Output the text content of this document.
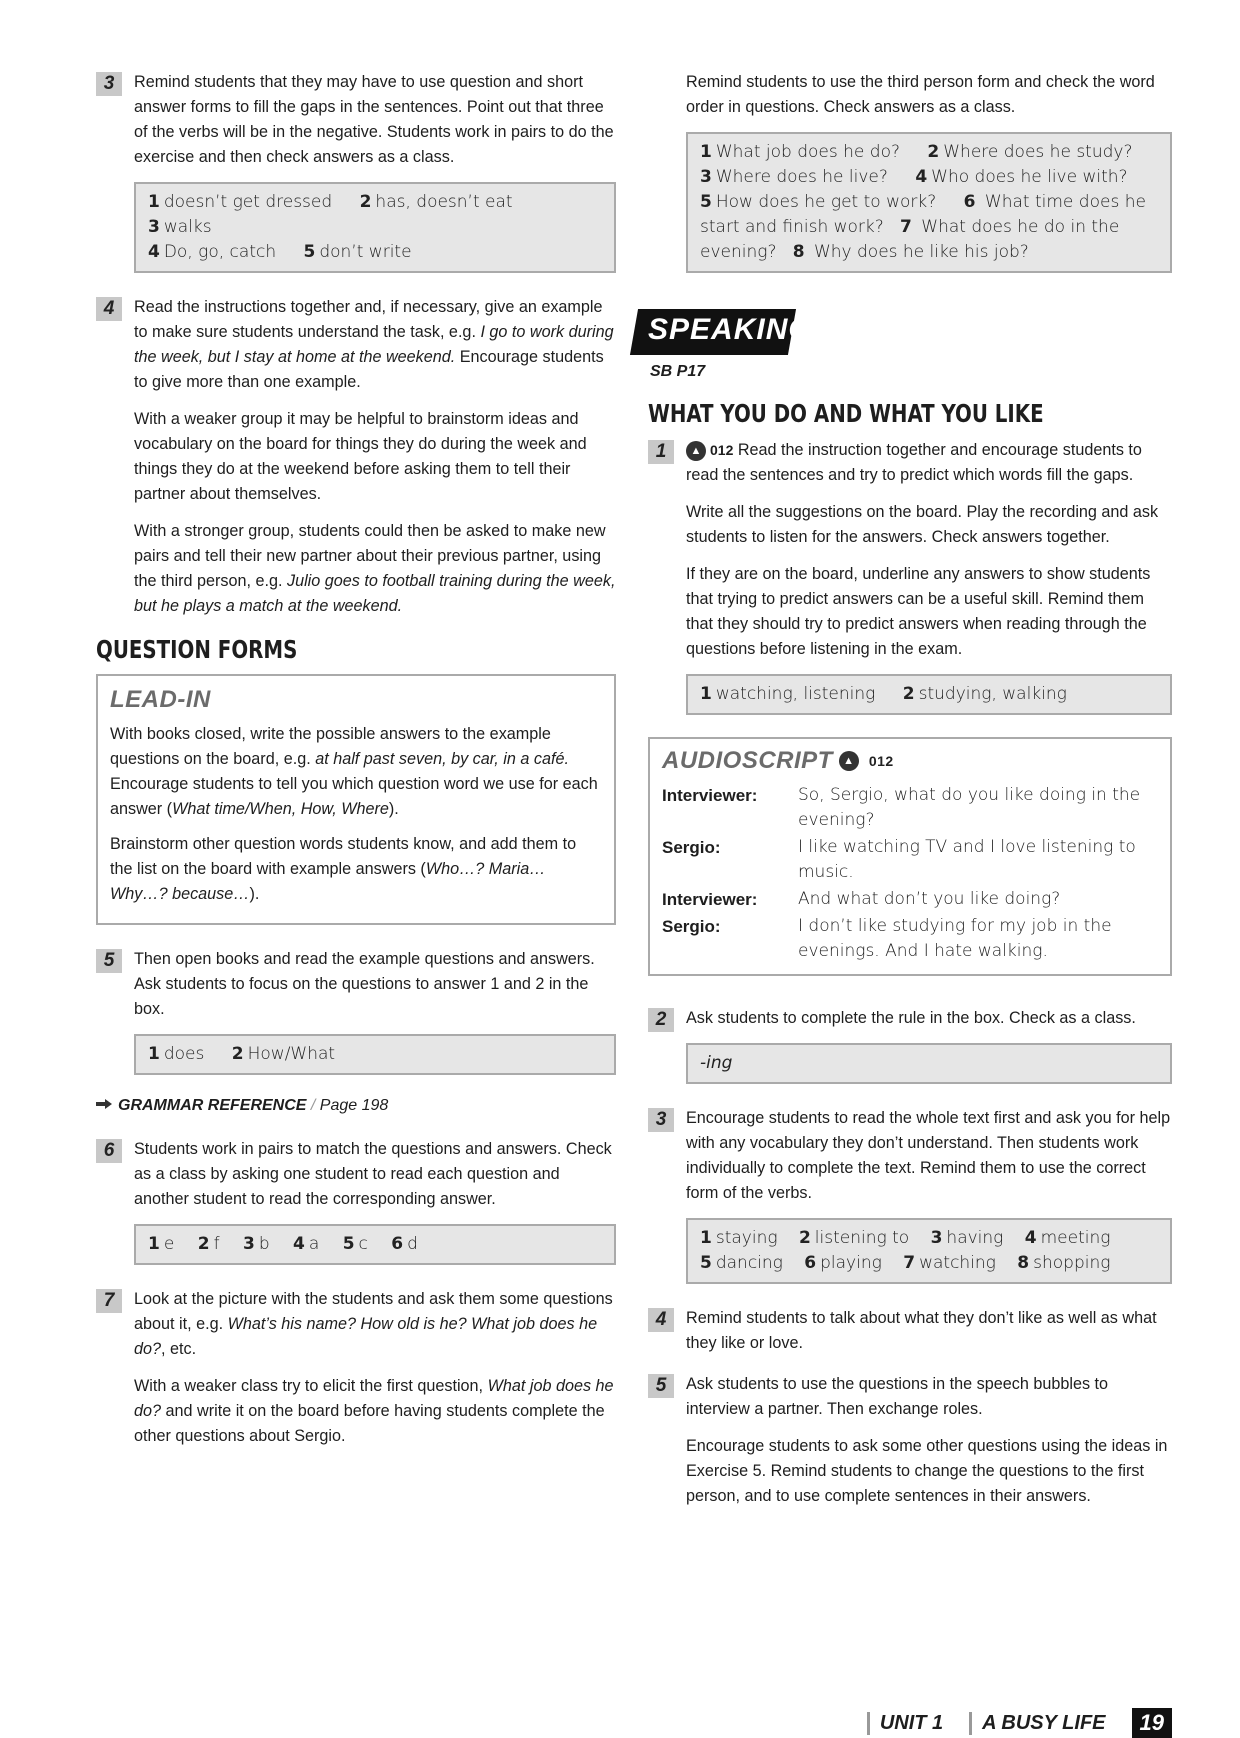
3	Remind students that they may have to use question and short answer forms to fill the gaps in the sentences. Point out that three of the verbs will be in the negative. Students work in pairs to do the exercise and then check answers as a class.

1 doesn’t get dressed 2 has, doesn’t eat 3 walks
4 Do, go, catch 5 don’t write
4	Read the instructions together and, if necessary, give an example to make sure students understand the task, e.g. I go to work during the week, but I stay at home at the weekend. Encourage students to give more than one example.

With a weaker group it may be helpful to brainstorm ideas and vocabulary on the board for things they do during the week and things they do at the weekend before asking them to tell their partner about themselves.

With a stronger group, students could then be asked to make new pairs and tell their new partner about their previous partner, using the third person, e.g. Julio goes to football training during the week, but he plays a match at the weekend.

QUESTION FORMS
LEAD-IN

With books closed, write the possible answers to the example questions on the board, e.g. at half past seven, by car, in a café. Encourage students to tell you which question word we use for each answer (What time/When, How, Where).

Brainstorm other question words students know, and add them to the list on the board with example answers (Who…? Maria… Why…? because…).

5	Then open books and read the example questions and answers. Ask students to focus on the questions to answer 1 and 2 in the box.

1 does 2 How/What
GRAMMAR REFERENCE / Page 198
6	Students work in pairs to match the questions and answers. Check as a class by asking one student to read each question and another student to read the corresponding answer.

1 e 2 f 3 b 4 a 5 c 6 d
7	Look at the picture with the students and ask them some questions about it, e.g. What’s his name? How old is he? What job does he do?, etc.

With a weaker class try to elicit the first question, What job does he do? and write it on the board before having students complete the other questions about Sergio.

Remind students to use the third person form and check the word order in questions. Check answers as a class.

1 What job does he do? 2 Where does he study?
3 Where does he live? 4 Who does he live with?
5 How does he get to work? 6 What time does he start and finish work? 7 What does he do in the evening? 8 Why does he like his job?
SPEAKING
SB P17
WHAT YOU DO AND WHAT YOU LIKE
1	▲ 012 Read the instruction together and encourage students to read the sentences and try to predict which words fill the gaps.

Write all the suggestions on the board. Play the recording and ask students to listen for the answers. Check answers together.

If they are on the board, underline any answers to show students that trying to predict answers can be a useful skill. Remind them that they should try to predict answers when reading through the questions before listening in the exam.

1 watching, listening 2 studying, walking
AUDIOSCRIPT ▲	012
Interviewer:	So, Sergio, what do you like doing in the evening?
Sergio:	I like watching TV and I love listening to music.
Interviewer:	And what don’t you like doing?
Sergio:	I don’t like studying for my job in the evenings. And I hate walking.
2	Ask students to complete the rule in the box. Check as a class.

-ing
3	Encourage students to read the whole text first and ask you for help with any vocabulary they don’t understand. Then students work individually to complete the text. Remind them to use the correct form of the verbs.

1 staying 2 listening to 3 having 4 meeting
5 dancing 6 playing 7 watching 8 shopping
4	Remind students to talk about what they don’t like as well as what they like or love.

5	Ask students to use the questions in the speech bubbles to interview a partner. Then exchange roles.

Encourage students to ask some other questions using the ideas in Exercise 5. Remind students to change the questions to the first person, and to use complete sentences in their answers.

UNIT 1	A BUSY LIFE	19
